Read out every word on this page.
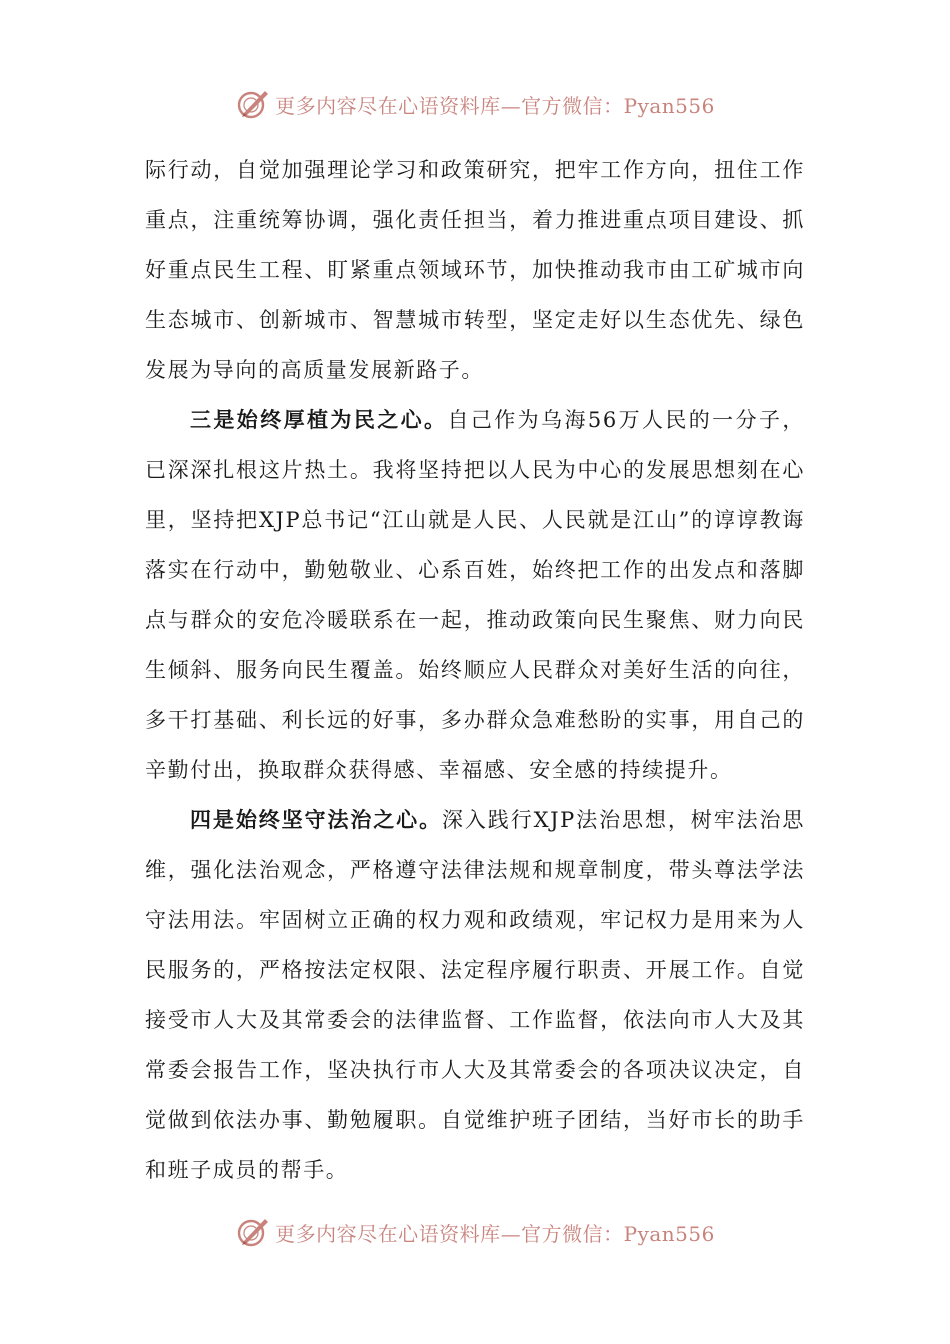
更多内容尽在心语资料库—官方微信：Pyan556

际行动，自觉加强理论学习和政策研究，把牢工作方向，扭住工作重点，注重统筹协调，强化责任担当，着力推进重点项目建设、抓好重点民生工程、盯紧重点领域环节，加快推动我市由工矿城市向生态城市、创新城市、智慧城市转型，坚定走好以生态优先、绿色发展为导向的高质量发展新路子。

三是始终厚植为民之心。自己作为乌海56万人民的一分子，已深深扎根这片热土。我将坚持把以人民为中心的发展思想刻在心里，坚持把XJP总书记“江山就是人民、人民就是江山”的谆谆教诲落实在行动中，勤勉敬业、心系百姓，始终把工作的出发点和落脚点与群众的安危冷暖联系在一起，推动政策向民生聚焦、财力向民生倾斜、服务向民生覆盖。始终顺应人民群众对美好生活的向往，多干打基础、利长远的好事，多办群众急难愁盼的实事，用自己的辛勤付出，换取群众获得感、幸福感、安全感的持续提升。

四是始终坚守法治之心。深入践行XJP法治思想，树牢法治思维，强化法治观念，严格遵守法律法规和规章制度，带头尊法学法守法用法。牢固树立正确的权力观和政绩观，牢记权力是用来为人民服务的，严格按法定权限、法定程序履行职责、开展工作。自觉接受市人大及其常委会的法律监督、工作监督，依法向市人大及其常委会报告工作，坚决执行市人大及其常委会的各项决议决定，自觉做到依法办事、勤勉履职。自觉维护班子团结，当好市长的助手和班子成员的帮手。

更多内容尽在心语资料库—官方微信：Pyan556
